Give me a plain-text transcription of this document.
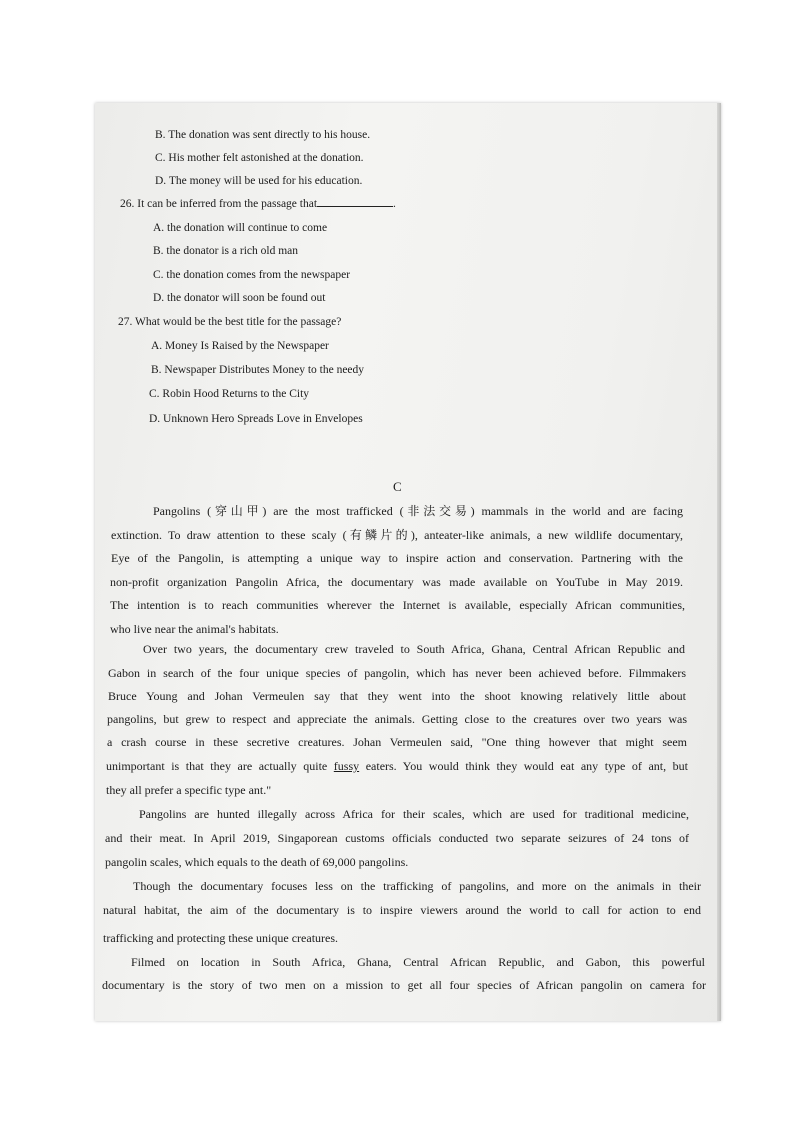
B. The donation was sent directly to his house.
C. His mother felt astonished at the donation.
D. The money will be used for his education.
26. It can be inferred from the passage that	.
A. the donation will continue to come
B. the donator is a rich old man
C. the donation comes from the newspaper
D. the donator will soon be found out
27. What would be the best title for the passage?
A. Money Is Raised by the Newspaper
B. Newspaper Distributes Money to the needy
C. Robin Hood Returns to the City
D. Unknown Hero Spreads Love in Envelopes
C
Pangolins (穿山甲) are the most trafficked (非法交易) mammals in the world and are facing
extinction. To draw attention to these scaly (有鳞片的), anteater-like animals, a new wildlife documentary,
Eye of the Pangolin, is attempting a unique way to inspire action and conservation. Partnering with the
non-profit organization Pangolin Africa, the documentary was made available on YouTube in May 2019.
The intention is to reach communities wherever the Internet is available, especially African communities,
who live near the animal's habitats.
Over two years, the documentary crew traveled to South Africa, Ghana, Central African Republic and
Gabon in search of the four unique species of pangolin, which has never been achieved before. Filmmakers
Bruce Young and Johan Vermeulen say that they went into the shoot knowing relatively little about
pangolins, but grew to respect and appreciate the animals. Getting close to the creatures over two years was
a crash course in these secretive creatures. Johan Vermeulen said, "One thing however that might seem
unimportant is that they are actually quite fussy eaters. You would think they would eat any type of ant, but
they all prefer a specific type ant."
Pangolins are hunted illegally across Africa for their scales, which are used for traditional medicine,
and their meat. In April 2019, Singaporean customs officials conducted two separate seizures of 24 tons of
pangolin scales, which equals to the death of 69,000 pangolins.
Though the documentary focuses less on the trafficking of pangolins, and more on the animals in their
natural habitat, the aim of the documentary is to inspire viewers around the world to call for action to end
trafficking and protecting these unique creatures.
Filmed on location in South Africa, Ghana, Central African Republic, and Gabon, this powerful
documentary is the story of two men on a mission to get all four species of African pangolin on camera for
